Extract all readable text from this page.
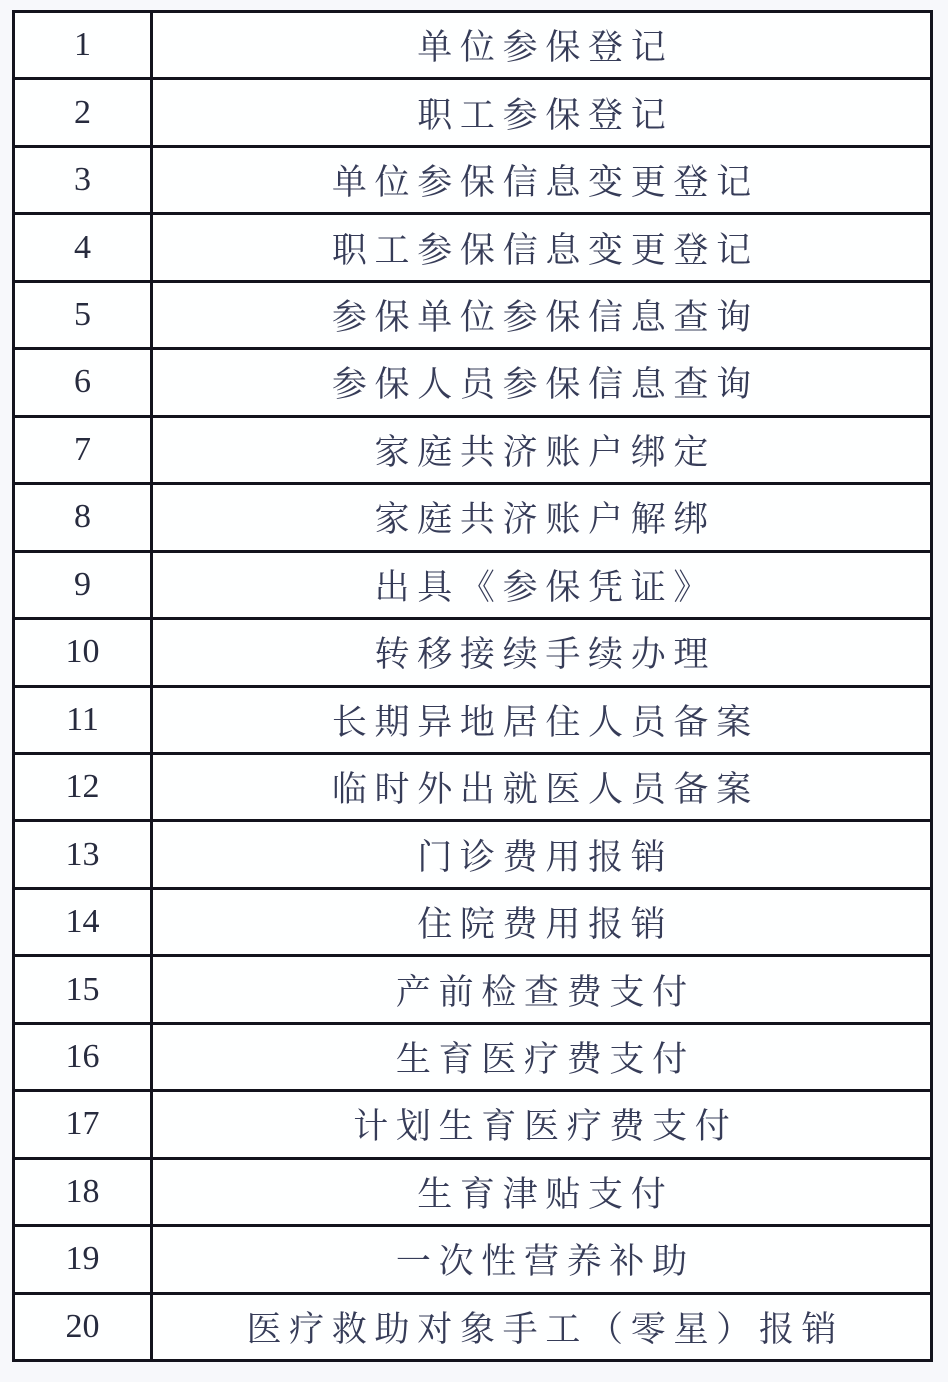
1	单位参保登记
2	职工参保登记
3	单位参保信息变更登记
4	职工参保信息变更登记
5	参保单位参保信息查询
6	参保人员参保信息查询
7	家庭共济账户绑定
8	家庭共济账户解绑
9	出具《参保凭证》
10	转移接续手续办理
11	长期异地居住人员备案
12	临时外出就医人员备案
13	门诊费用报销
14	住院费用报销
15	产前检查费支付
16	生育医疗费支付
17	计划生育医疗费支付
18	生育津贴支付
19	一次性营养补助
20	医疗救助对象手工（零星）报销
